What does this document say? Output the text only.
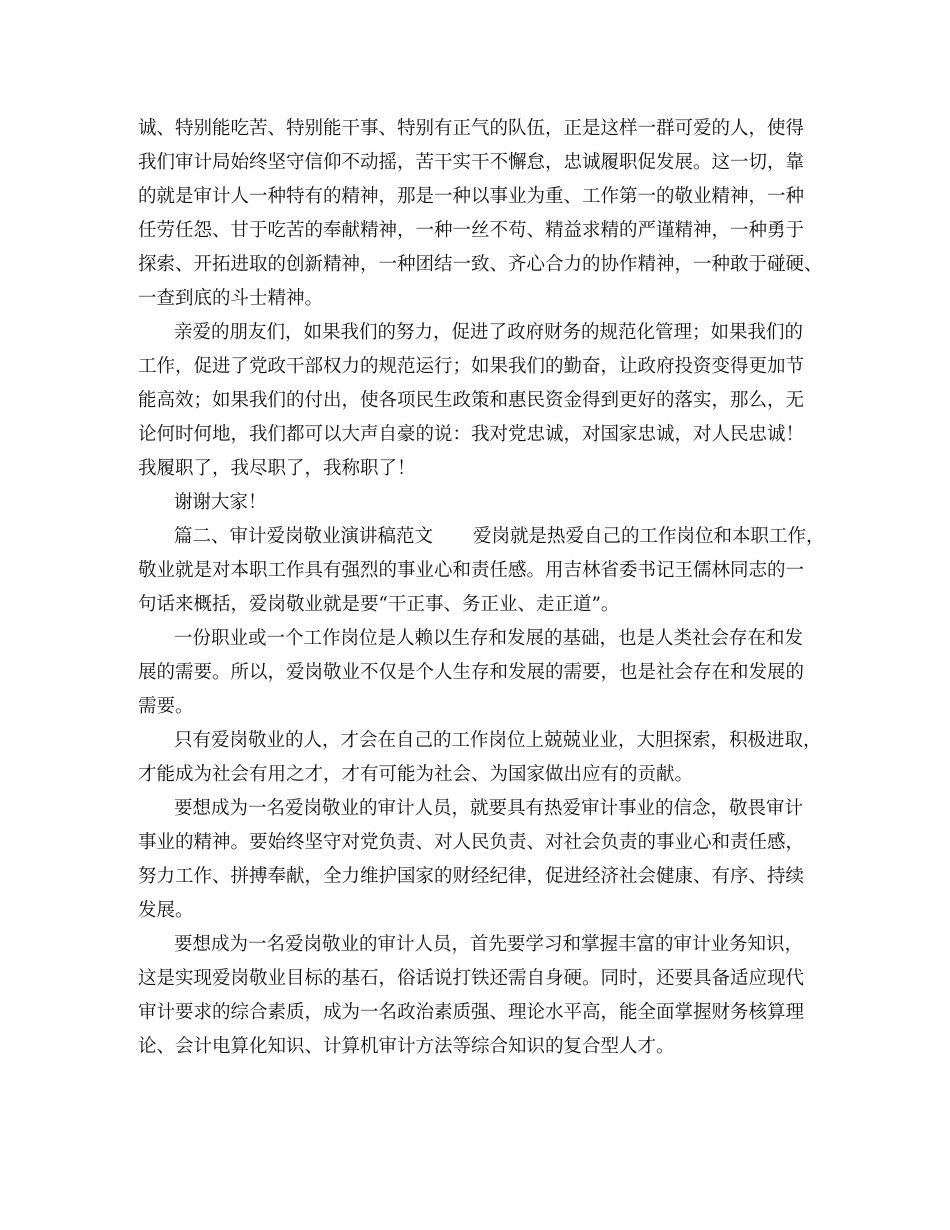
诚、特别能吃苦、特别能干事、特别有正气的队伍，正是这样一群可爱的人，使得
我们审计局始终坚守信仰不动摇，苦干实干不懈怠，忠诚履职促发展。这一切，靠
的就是审计人一种特有的精神，那是一种以事业为重、工作第一的敬业精神，一种
任劳任怨、甘于吃苦的奉献精神，一种一丝不苟、精益求精的严谨精神，一种勇于
探索、开拓进取的创新精神，一种团结一致、齐心合力的协作精神，一种敢于碰硬、
一查到底的斗士精神。
亲爱的朋友们，如果我们的努力，促进了政府财务的规范化管理；如果我们的
工作，促进了党政干部权力的规范运行；如果我们的勤奋，让政府投资变得更加节
能高效；如果我们的付出，使各项民生政策和惠民资金得到更好的落实，那么，无
论何时何地，我们都可以大声自豪的说：我对党忠诚，对国家忠诚，对人民忠诚！
我履职了，我尽职了，我称职了！
谢谢大家！
篇二、审计爱岗敬业演讲稿范文 爱岗就是热爱自己的工作岗位和本职工作，
敬业就是对本职工作具有强烈的事业心和责任感。用吉林省委书记王儒林同志的一
句话来概括，爱岗敬业就是要“干正事、务正业、走正道”。
一份职业或一个工作岗位是人赖以生存和发展的基础，也是人类社会存在和发
展的需要。所以，爱岗敬业不仅是个人生存和发展的需要，也是社会存在和发展的
需要。
只有爱岗敬业的人，才会在自己的工作岗位上兢兢业业，大胆探索，积极进取，
才能成为社会有用之才，才有可能为社会、为国家做出应有的贡献。
要想成为一名爱岗敬业的审计人员，就要具有热爱审计事业的信念，敬畏审计
事业的精神。要始终坚守对党负责、对人民负责、对社会负责的事业心和责任感，
努力工作、拼搏奉献，全力维护国家的财经纪律，促进经济社会健康、有序、持续
发展。
要想成为一名爱岗敬业的审计人员，首先要学习和掌握丰富的审计业务知识，
这是实现爱岗敬业目标的基石，俗话说打铁还需自身硬。同时，还要具备适应现代
审计要求的综合素质，成为一名政治素质强、理论水平高，能全面掌握财务核算理
论、会计电算化知识、计算机审计方法等综合知识的复合型人才。
